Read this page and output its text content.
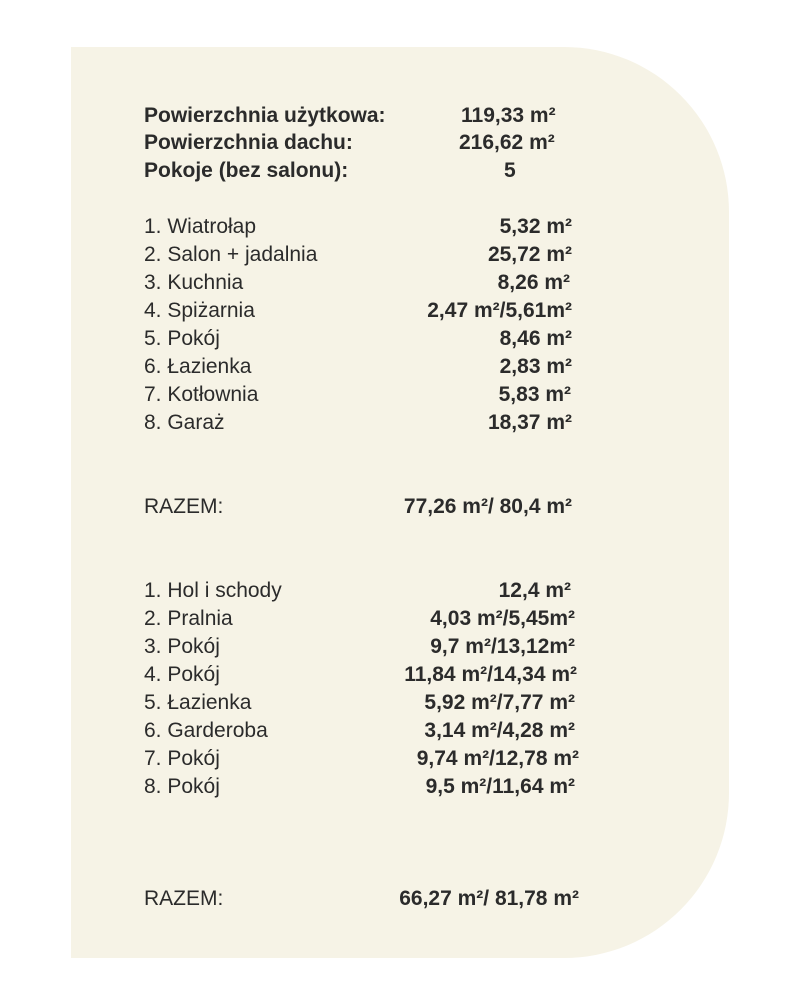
Powierzchnia użytkowa:	119,33 m²
Powierzchnia dachu:	216,62 m²
Pokoje (bez salonu):	5
1. Wiatrołap	5,32 m²
2. Salon + jadalnia	25,72 m²
3. Kuchnia	8,26 m²
4. Spiżarnia	2,47 m²/5,61m²
5. Pokój	8,46 m²
6. Łazienka	2,83 m²
7. Kotłownia	5,83 m²
8. Garaż	18,37 m²
RAZEM:	77,26 m²/ 80,4 m²
1. Hol i schody	12,4 m²
2. Pralnia	4,03 m²/5,45m²
3. Pokój	9,7 m²/13,12m²
4. Pokój	11,84 m²/14,34 m²
5. Łazienka	5,92 m²/7,77 m²
6. Garderoba	3,14 m²/4,28 m²
7. Pokój	9,74 m²/12,78 m²
8. Pokój	9,5 m²/11,64 m²
RAZEM:	66,27 m²/ 81,78 m²
